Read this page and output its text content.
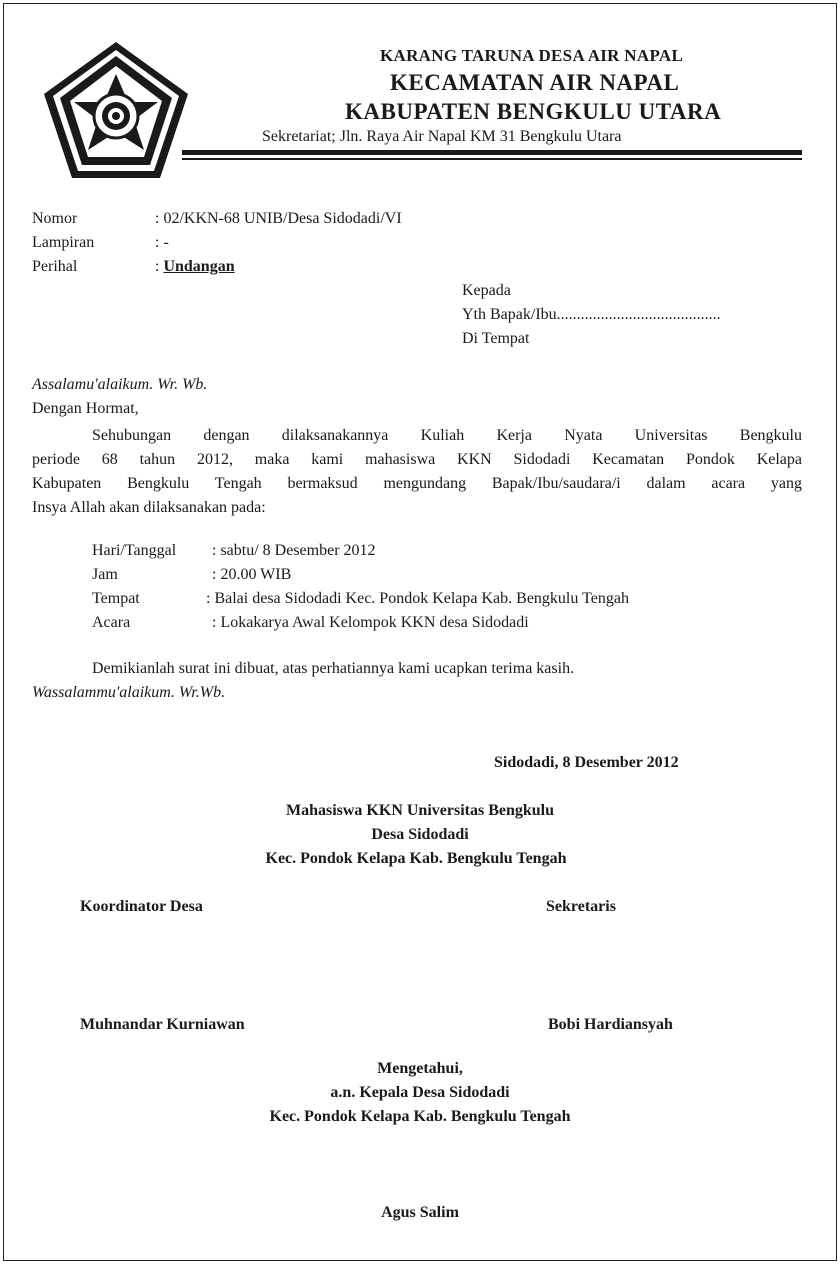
KARANG TARUNA DESA AIR NAPAL
KECAMATAN AIR NAPAL
KABUPATEN BENGKULU UTARA
Sekretariat; Jln. Raya Air Napal KM 31 Bengkulu Utara
Nomor	: 02/KKN-68 UNIB/Desa Sidodadi/VI
Lampiran	: -
Perihal	: Undangan
Kepada
Yth Bapak/Ibu.........................................
Di Tempat
Assalamu'alaikum. Wr. Wb.
Dengan Hormat,
Sehubungan dengan dilaksanakannya Kuliah Kerja Nyata Universitas Bengkulu
periode 68 tahun 2012, maka kami mahasiswa KKN Sidodadi Kecamatan Pondok Kelapa
Kabupaten Bengkulu Tengah bermaksud mengundang Bapak/Ibu/saudara/i dalam acara yang
Insya Allah akan dilaksanakan pada:
Hari/Tanggal : sabtu/ 8 Desember 2012
Jam	: 20.00 WIB
Tempat	: Balai desa Sidodadi Kec. Pondok Kelapa Kab. Bengkulu Tengah
Acara	: Lokakarya Awal Kelompok KKN desa Sidodadi
Demikianlah surat ini dibuat, atas perhatiannya kami ucapkan terima kasih.
Wassalammu'alaikum. Wr.Wb.
Sidodadi, 8 Desember 2012
Mahasiswa KKN Universitas Bengkulu
Desa Sidodadi
Kec. Pondok Kelapa Kab. Bengkulu Tengah
Koordinator Desa	Sekretaris
Muhnandar Kurniawan	Bobi Hardiansyah
Mengetahui,
a.n. Kepala Desa Sidodadi
Kec. Pondok Kelapa Kab. Bengkulu Tengah
Agus Salim
